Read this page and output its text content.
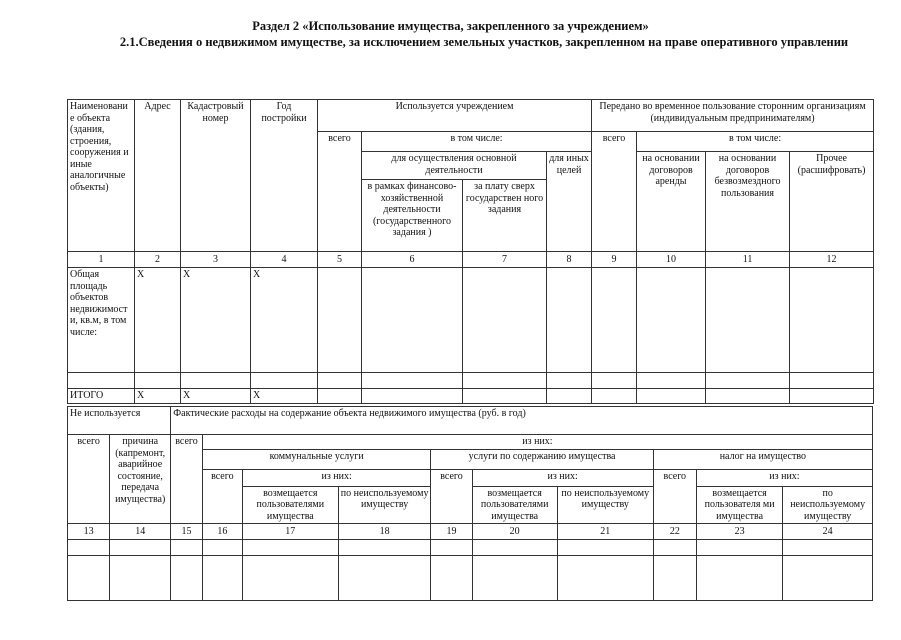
Раздел 2 «Использование имущества, закрепленного за учреждением»
2.1.Сведения о недвижимом имуществе, за исключением земельных участков, закрепленном на праве оперативного управлении
Наименовани е объекта (здания, строения, сооружения и иные аналогичные объекты)	Адрес	Кадастровый номер	Год постройки	Используется учреждением				Передано во временное пользование сторонним организациям (индивидуальным предпринимателям)			
				всего	в том числе:			всего	в том числе:		
					для осуществления основной деятельности		для иных целей		на основании договоров аренды	на основании договоров безвозмездного пользования	Прочее (расшифровать)
					в рамках финансово-хозяйственной деятельности (государственного задания )	за плату сверх государствен ного задания					
1	2	3	4	5	6	7	8	9	10	11	12
Общая площадь объектов недвижимост и, кв.м, в том числе:	X	X	X								

ИТОГО	X	X	X								
Не используется		Фактические расходы на содержание объекта недвижимого имущества (руб. в год)									
всего	причина (капремонт, аварийное состояние, передача имущества)	всего	из них:								
			коммунальные услуги			услуги по содержанию имущества			налог на имущество		
			всего	из них:		всего	из них:		всего	из них:	
				возмещается пользователями имущества	по неиспользуемому имуществу		возмещается пользователями имущества	по неиспользуемому имуществу		возмещается пользователя ми имущества	по неиспользуемому имуществу
13	14	15	16	17	18	19	20	21	22	23	24
